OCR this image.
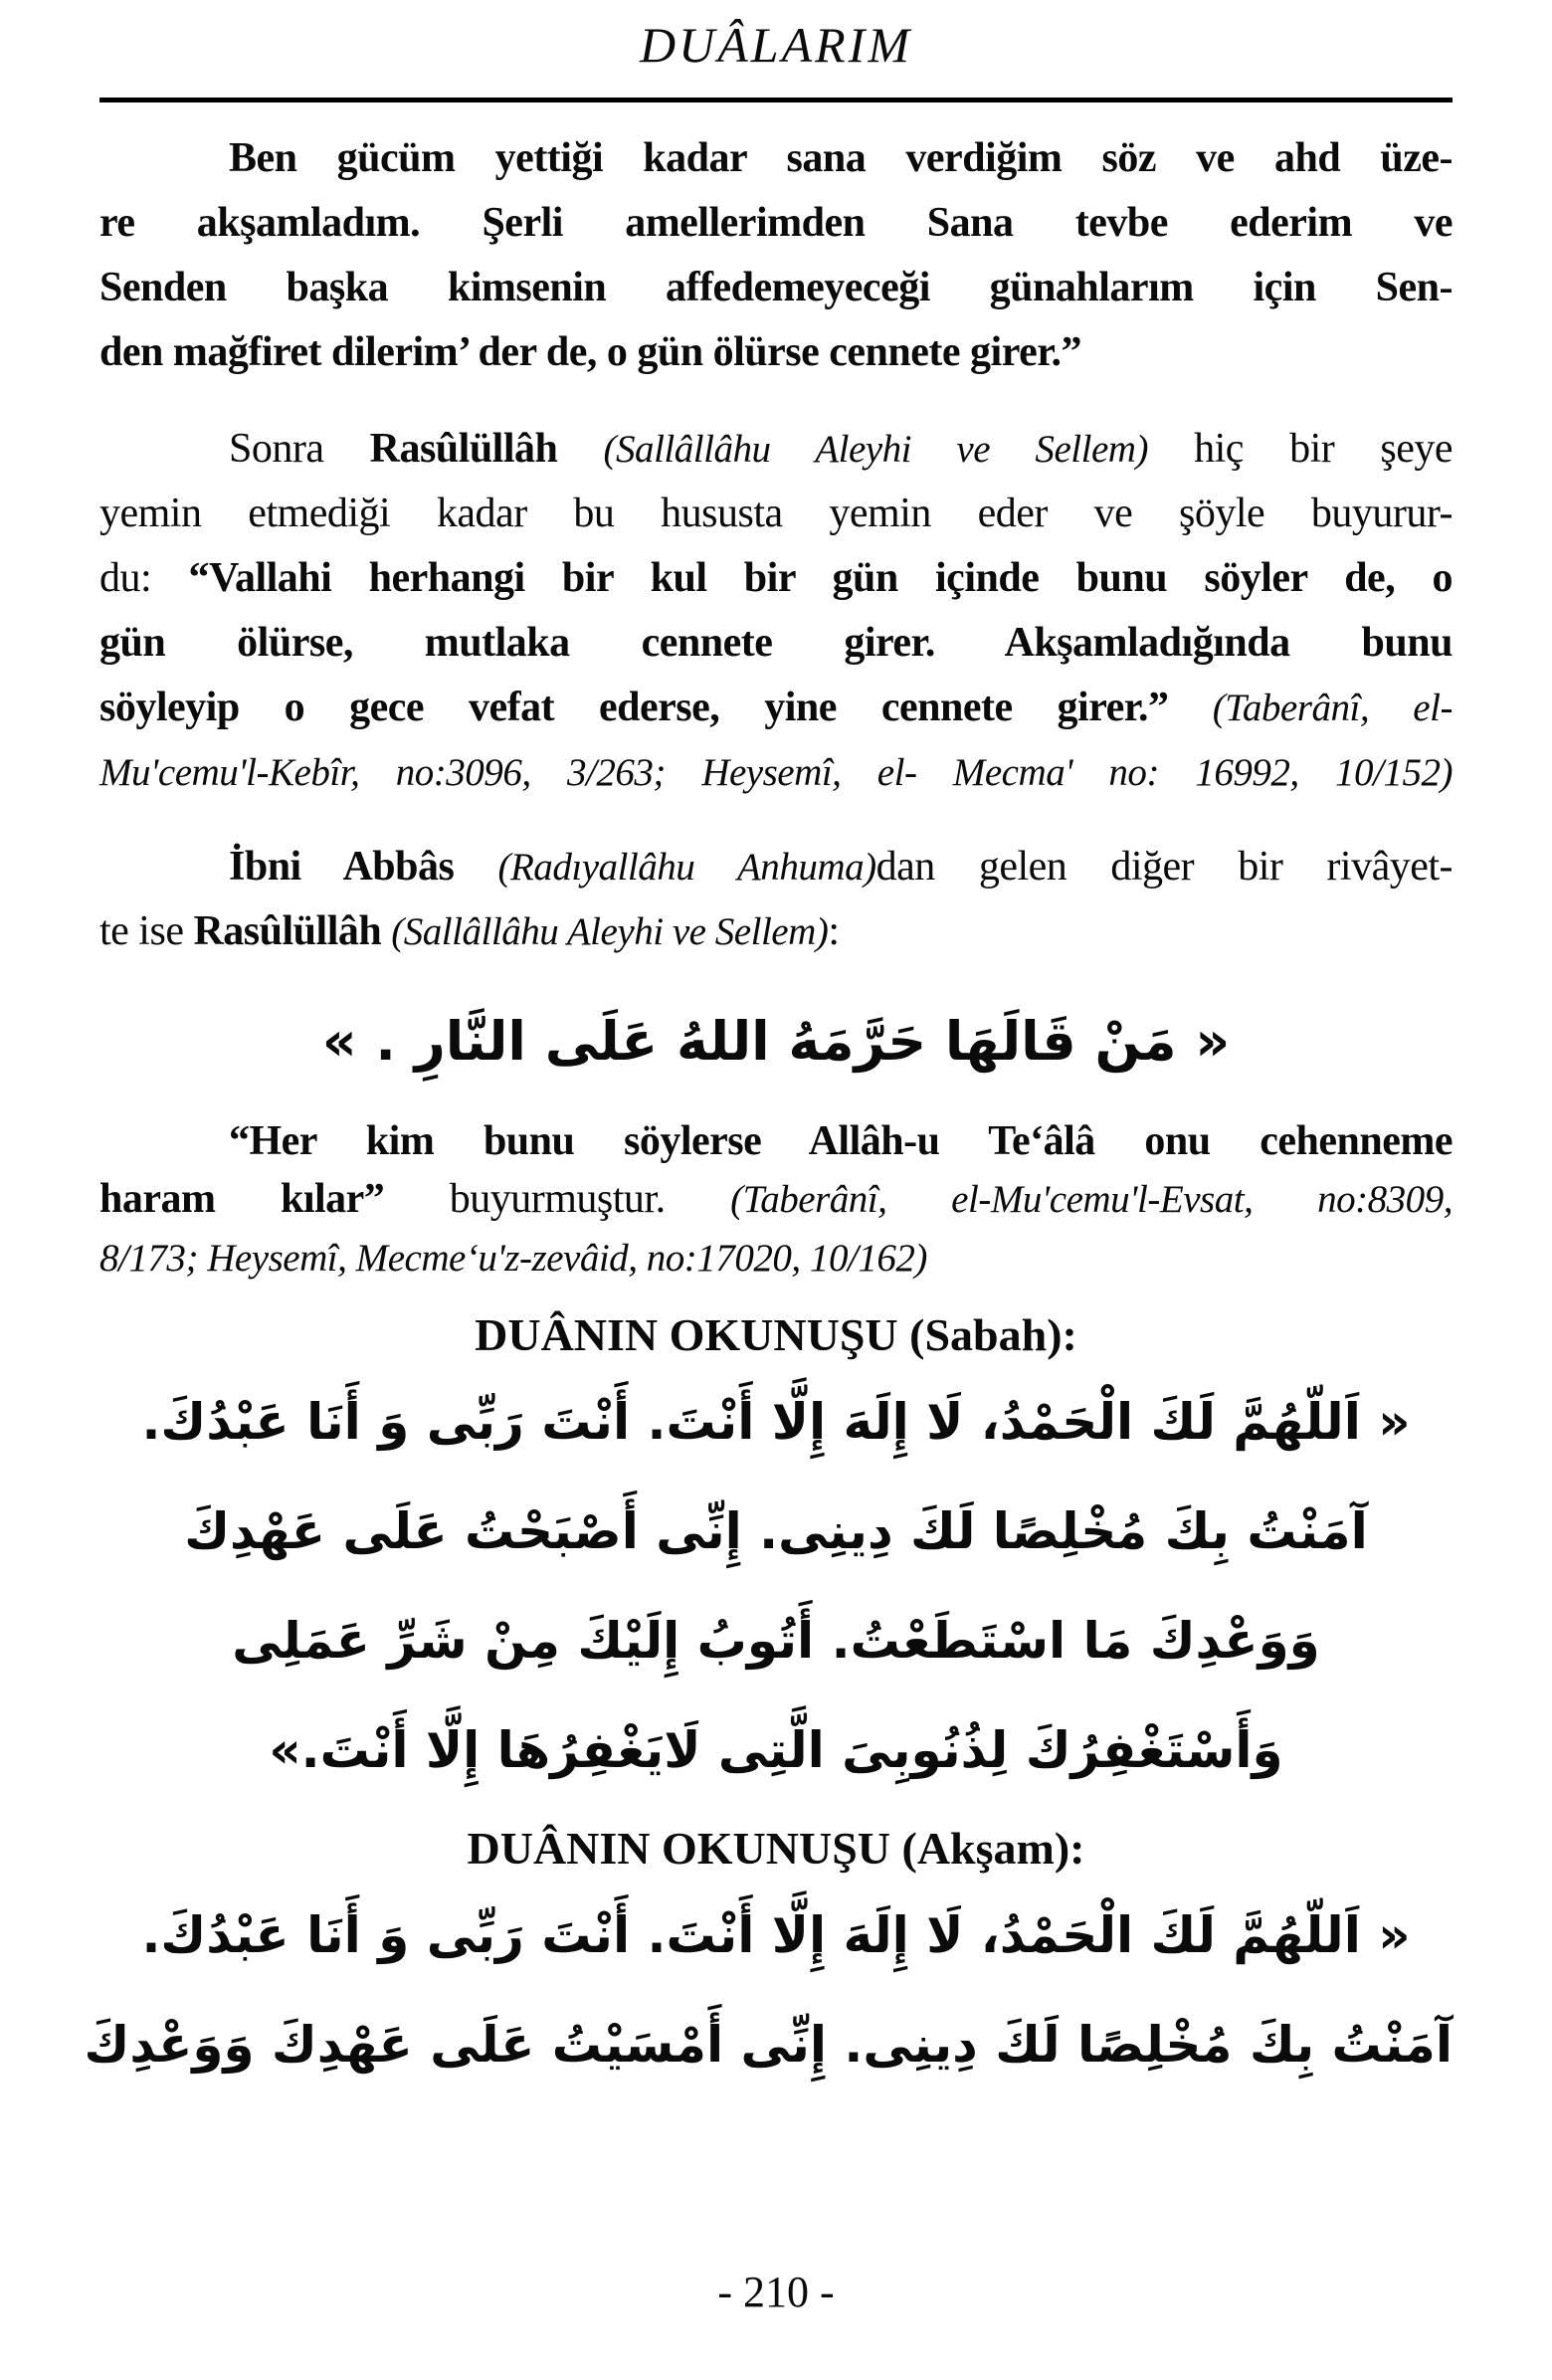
DUÂLARIM
Ben gücüm yettiği kadar sana verdiğim söz ve ahd üze-
re akşamladım. Şerli amellerimden Sana tevbe ederim ve
Senden başka kimsenin affedemeyeceği günahlarım için Sen-
den mağfiret dilerim’ der de, o gün ölürse cennete girer.”
Sonra Rasûlüllâh (Sallâllâhu Aleyhi ve Sellem) hiç bir şeye
yemin etmediği kadar bu hususta yemin eder ve şöyle buyurur-
du: “Vallahi herhangi bir kul bir gün içinde bunu söyler de, o
gün ölürse, mutlaka cennete girer. Akşamladığında bunu
söyleyip o gece vefat ederse, yine cennete girer.” (Taberânî, el-
Mu'cemu'l-Kebîr, no:3096, 3/263; Heysemî, el- Mecma' no: 16992, 10/152)
İbni Abbâs (Radıyallâhu Anhuma)dan gelen diğer bir rivâyet-
te ise Rasûlüllâh (Sallâllâhu Aleyhi ve Sellem):
« مَنْ قَالَهَا حَرَّمَهُ اللهُ عَلَى النَّارِ . »
“Her kim bunu söylerse Allâh-u Te‘âlâ onu cehenneme
haram kılar” buyurmuştur. (Taberânî, el-Mu'cemu'l-Evsat, no:8309,
8/173; Heysemî, Mecme‘u'z-zevâid, no:17020, 10/162)
DUÂNIN OKUNUŞU (Sabah):
« اَللّهُمَّ لَكَ الْحَمْدُ، لَا إِلَهَ إِلَّا أَنْتَ. أَنْتَ رَبِّى وَ أَنَا عَبْدُكَ.
آمَنْتُ بِكَ مُخْلِصًا لَكَ دِينِى. إِنِّى أَصْبَحْتُ عَلَى عَهْدِكَ
وَوَعْدِكَ مَا اسْتَطَعْتُ. أَتُوبُ إِلَيْكَ مِنْ شَرِّ عَمَلِى
وَأَسْتَغْفِرُكَ لِذُنُوبِىَ الَّتِى لَايَغْفِرُهَا إِلَّا أَنْتَ.»
DUÂNIN OKUNUŞU (Akşam):
« اَللّهُمَّ لَكَ الْحَمْدُ، لَا إِلَهَ إِلَّا أَنْتَ. أَنْتَ رَبِّى وَ أَنَا عَبْدُكَ.
آمَنْتُ بِكَ مُخْلِصًا لَكَ دِينِى. إِنِّى أَمْسَيْتُ عَلَى عَهْدِكَ وَوَعْدِكَ
- 210 -
